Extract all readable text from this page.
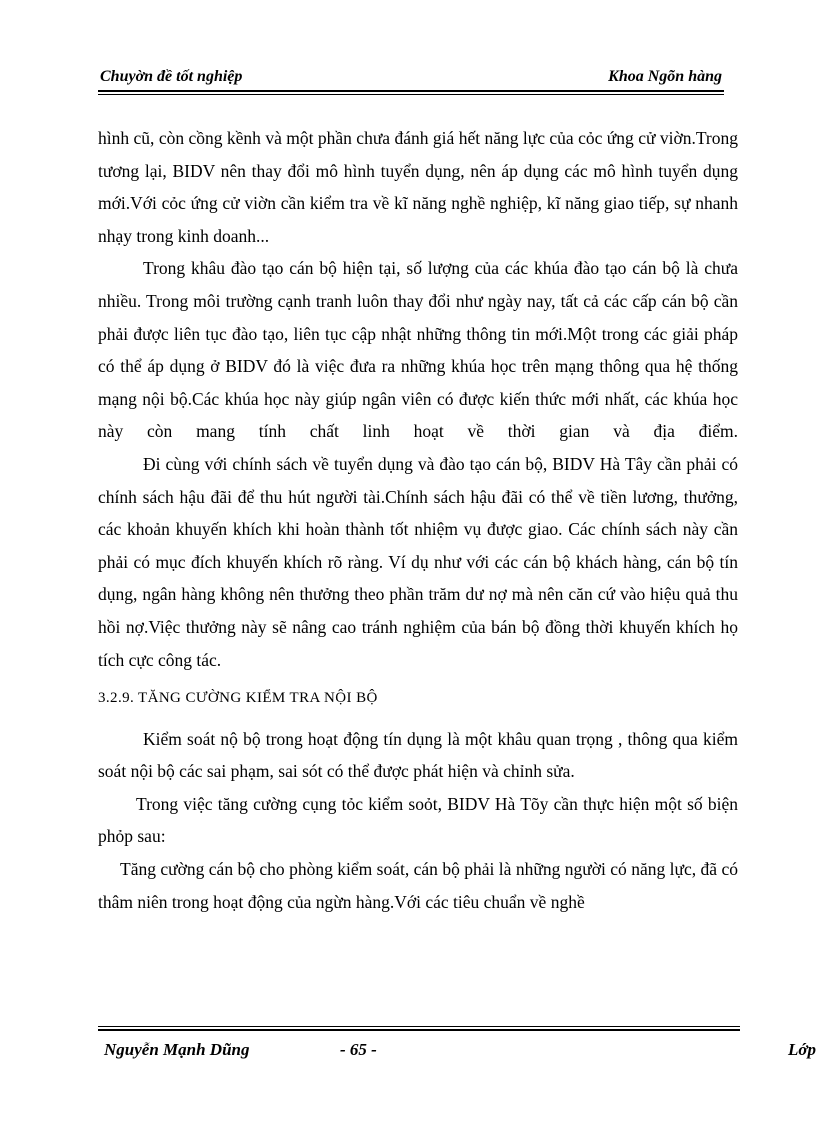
Chuyờn đề tốt nghiệp	Khoa Ngõn hàng

hình cũ, còn cồng kềnh và một phần chưa đánh giá hết năng lực của cỏc ứng cử viờn.Trong tương lại, BIDV nên thay đổi mô hình tuyển dụng, nên áp dụng các mô hình tuyển dụng mới.Với cỏc ứng cử viờn cần kiểm tra về kĩ năng nghề nghiệp, kĩ năng giao tiếp, sự nhanh nhạy trong kinh doanh...

Trong khâu đào tạo cán bộ hiện tại, số lượng của các khúa đào tạo cán bộ là chưa nhiều. Trong môi trường cạnh tranh luôn thay đổi như ngày nay, tất cả các cấp cán bộ cần phải được liên tục đào tạo, liên tục cập nhật những thông tin mới.Một trong các giải pháp có thể áp dụng ở BIDV đó là việc đưa ra những khúa học trên mạng thông qua hệ thống mạng nội bộ.Các khúa học này giúp ngân viên có được kiến thức mới nhất, các khúa học này còn mang tính chất linh hoạt về thời gian và địa điểm.

Đi cùng với chính sách về tuyển dụng và đào tạo cán bộ, BIDV Hà Tây cần phải có chính sách hậu đãi để thu hút người tài.Chính sách hậu đãi có thể về tiền lương, thưởng, các khoản khuyến khích khi hoàn thành tốt nhiệm vụ được giao. Các chính sách này cần phải có mục đích khuyến khích rõ ràng. Ví dụ như với các cán bộ khách hàng, cán bộ tín dụng, ngân hàng không nên thưởng theo phần trăm dư nợ mà nên căn cứ vào hiệu quả thu hồi nợ.Việc thưởng này sẽ nâng cao tránh nghiệm của bán bộ đồng thời khuyến khích họ tích cực công tác.

3.2.9. TĂNG CƯỜNG KIỂM TRA NỘI BỘ

Kiểm soát nộ bộ trong hoạt động tín dụng là một khâu quan trọng , thông qua kiểm soát nội bộ các sai phạm, sai sót có thể được phát hiện và chỉnh sửa.

Trong việc tăng cường cụng tỏc kiểm soỏt, BIDV Hà Tõy cần thực hiện một số biện phỏp sau:

Tăng cường cán bộ cho phòng kiểm soát, cán bộ phải là những người có năng lực, đã có thâm niên trong hoạt động của ngừn hàng.Với các tiêu chuẩn về nghề

Nguyễn Mạnh Dũng	- 65 -	Lớp
